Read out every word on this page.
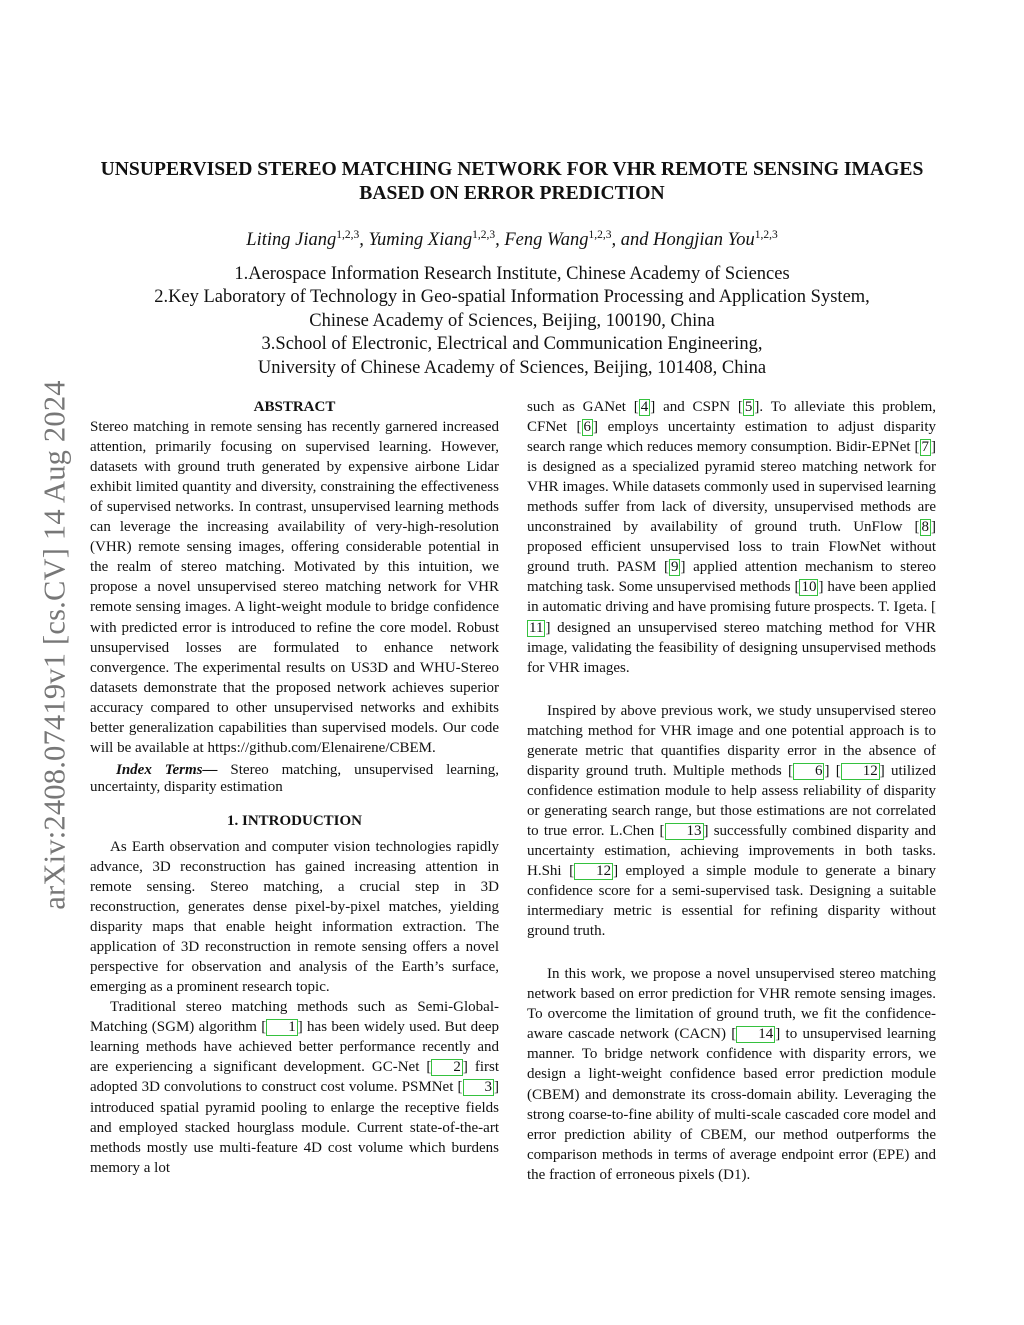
arXiv:2408.07419v1 [cs.CV] 14 Aug 2024
UNSUPERVISED STEREO MATCHING NETWORK FOR VHR REMOTE SENSING IMAGES
BASED ON ERROR PREDICTION
Liting Jiang$^{1,2,3}$, Yuming Xiang$^{1,2,3}$, Feng Wang$^{1,2,3}$, and Hongjian You$^{1,2,3}$
1.Aerospace Information Research Institute, Chinese Academy of Sciences
2.Key Laboratory of Technology in Geo-spatial Information Processing and Application System,
Chinese Academy of Sciences, Beijing, 100190, China
3.School of Electronic, Electrical and Communication Engineering,
University of Chinese Academy of Sciences, Beijing, 101408, China
ABSTRACT

Stereo matching in remote sensing has recently garnered increased attention, primarily focusing on supervised learning. However, datasets with ground truth generated by expensive airbone Lidar exhibit limited quantity and diversity, constraining the effectiveness of supervised networks. In contrast, unsupervised learning methods can leverage the increasing availability of very-high-resolution (VHR) remote sensing images, offering considerable potential in the realm of stereo matching. Motivated by this intuition, we propose a novel unsupervised stereo matching network for VHR remote sensing images. A light-weight module to bridge confidence with predicted error is introduced to refine the core model. Robust unsupervised losses are formulated to enhance network convergence. The experimental results on US3D and WHU-Stereo datasets demonstrate that the proposed network achieves superior accuracy compared to other unsupervised networks and exhibits better generalization capabilities than supervised models. Our code will be available at https://github.com/Elenairene/CBEM.

Index Terms— Stereo matching, unsupervised learning, uncertainty, disparity estimation

1. INTRODUCTION

As Earth observation and computer vision technologies rapidly advance, 3D reconstruction has gained increasing attention in remote sensing. Stereo matching, a crucial step in 3D reconstruction, generates dense pixel-by-pixel matches, yielding disparity maps that enable height information extraction. The application of 3D reconstruction in remote sensing offers a novel perspective for observation and analysis of the Earth’s surface, emerging as a prominent research topic.

Traditional stereo matching methods such as Semi-Global-Matching (SGM) algorithm [ 1 ] has been widely used. But deep learning methods have achieved better performance recently and are experiencing a significant development. GC-Net [ 2 ] first adopted 3D convolutions to construct cost volume. PSMNet [ 3 ] introduced spatial pyramid pooling to enlarge the receptive fields and employed stacked hourglass module. Current state-of-the-art methods mostly use multi-feature 4D cost volume which burdens memory a lot

such as GANet [ 4 ] and CSPN [ 5 ]. To alleviate this problem, CFNet [ 6 ] employs uncertainty estimation to adjust disparity search range which reduces memory consumption. Bidir-EPNet [ 7 ] is designed as a specialized pyramid stereo matching network for VHR images. While datasets commonly used in supervised learning methods suffer from lack of diversity, unsupervised methods are unconstrained by availability of ground truth. UnFlow [ 8 ] proposed efficient unsupervised loss to train FlowNet without ground truth. PASM [ 9 ] applied attention mechanism to stereo matching task. Some unsupervised methods [ 10 ] have been applied in automatic driving and have promising future prospects. T. Igeta. [11 ] designed an unsupervised stereo matching method for VHR image, validating the feasibility of designing unsupervised methods for VHR images.

Inspired by above previous work, we study unsupervised stereo matching method for VHR image and one potential approach is to generate metric that quantifies disparity error in the absence of disparity ground truth. Multiple methods [ 6 ] [ 12 ] utilized confidence estimation module to help assess reliability of disparity or generating search range, but those estimations are not correlated to true error. L.Chen [ 13 ] successfully combined disparity and uncertainty estimation, achieving improvements in both tasks. H.Shi [ 12 ] employed a simple module to generate a binary confidence score for a semi-supervised task. Designing a suitable intermediary metric is essential for refining disparity without ground truth.

In this work, we propose a novel unsupervised stereo matching network based on error prediction for VHR remote sensing images. To overcome the limitation of ground truth, we fit the confidence-aware cascade network (CACN) [ 14 ] to unsupervised learning manner. To bridge network confidence with disparity errors, we design a light-weight confidence based error prediction module (CBEM) and demonstrate its cross-domain ability. Leveraging the strong coarse-to-fine ability of multi-scale cascaded core model and error prediction ability of CBEM, our method outperforms the comparison methods in terms of average endpoint error (EPE) and the fraction of erroneous pixels (D1).
